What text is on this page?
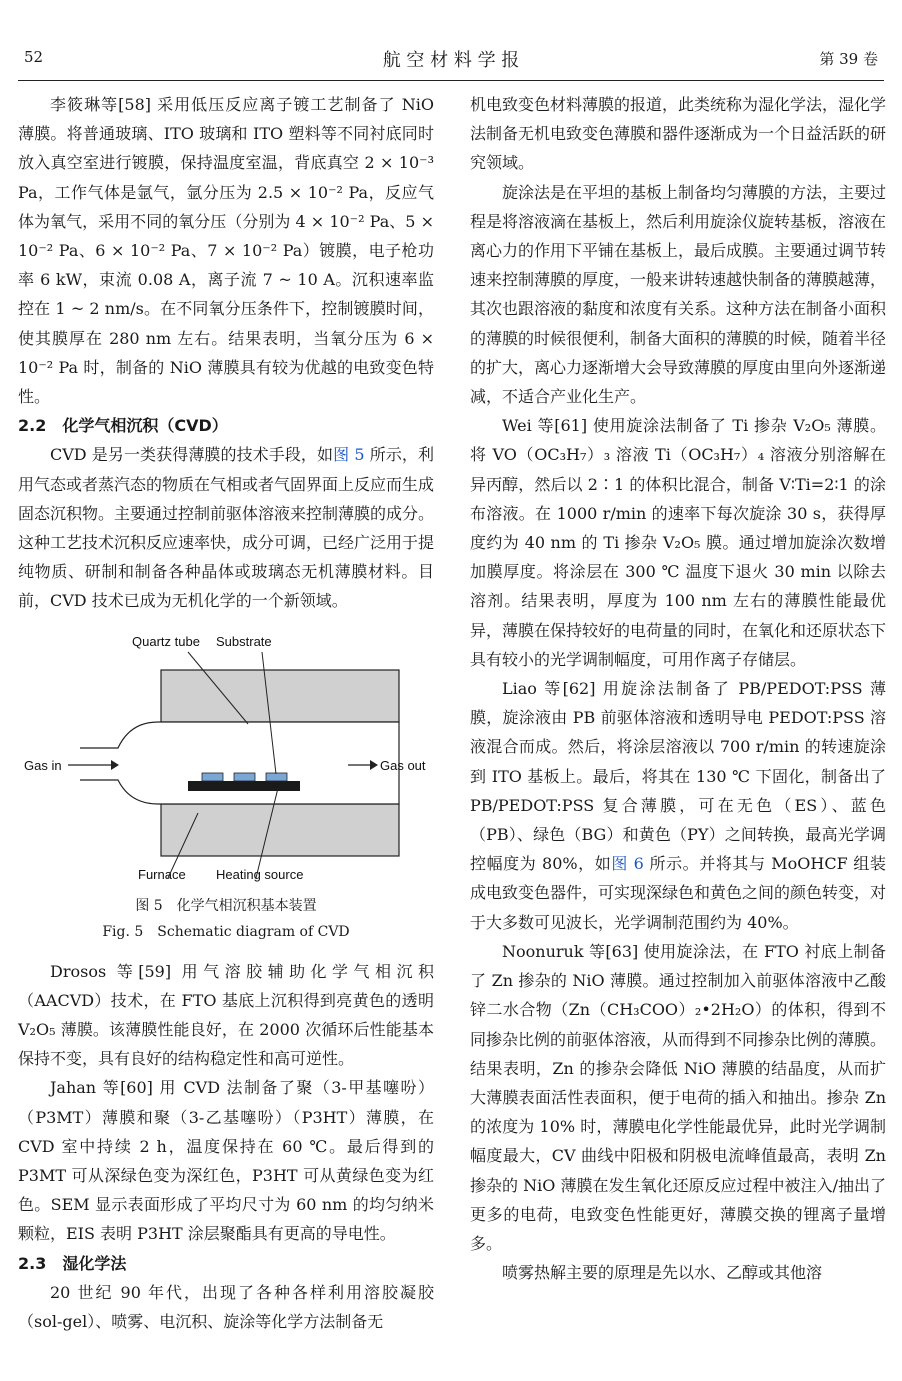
52	航 空 材 料 学 报	第 39 卷

李筱琳等[58] 采用低压反应离子镀工艺制备了 NiO 薄膜。将普通玻璃、ITO 玻璃和 ITO 塑料等不同衬底同时放入真空室进行镀膜，保持温度室温，背底真空 2 × 10⁻³ Pa，工作气体是氩气，氩分压为 2.5 × 10⁻² Pa，反应气体为氧气，采用不同的氧分压（分别为 4 × 10⁻² Pa、5 × 10⁻² Pa、6 × 10⁻² Pa、7 × 10⁻² Pa）镀膜，电子枪功率 6 kW，束流 0.08 A，离子流 7 ~ 10 A。沉积速率监控在 1 ~ 2 nm/s。在不同氧分压条件下，控制镀膜时间，使其膜厚在 280 nm 左右。结果表明，当氧分压为 6 × 10⁻² Pa 时，制备的 NiO 薄膜具有较为优越的电致变色特性。

2.2　化学气相沉积（CVD）

CVD 是另一类获得薄膜的技术手段，如图 5 所示，利用气态或者蒸汽态的物质在气相或者气固界面上反应而生成固态沉积物。主要通过控制前驱体溶液来控制薄膜的成分。这种工艺技术沉积反应速率快，成分可调，已经广泛用于提纯物质、研制和制备各种晶体或玻璃态无机薄膜材料。目前，CVD 技术已成为无机化学的一个新领域。

Quartz tube Substrate
Gas in	Gas out
Furnace Heating source

图 5　化学气相沉积基本装置

Fig. 5　Schematic diagram of CVD

Drosos 等[59] 用气溶胶辅助化学气相沉积（AACVD）技术，在 FTO 基底上沉积得到亮黄色的透明 V₂O₅ 薄膜。该薄膜性能良好，在 2000 次循环后性能基本保持不变，具有良好的结构稳定性和高可逆性。

Jahan 等[60] 用 CVD 法制备了聚（3-甲基噻吩）（P3MT）薄膜和聚（3-乙基噻吩）（P3HT）薄膜，在 CVD 室中持续 2 h，温度保持在 60 ℃。最后得到的 P3MT 可从深绿色变为深红色，P3HT 可从黄绿色变为红色。SEM 显示表面形成了平均尺寸为 60 nm 的均匀纳米颗粒，EIS 表明 P3HT 涂层聚酯具有更高的导电性。

2.3　湿化学法

20 世纪 90 年代，出现了各种各样利用溶胶凝胶（sol-gel）、喷雾、电沉积、旋涂等化学方法制备无

机电致变色材料薄膜的报道，此类统称为湿化学法，湿化学法制备无机电致变色薄膜和器件逐渐成为一个日益活跃的研究领域。

旋涂法是在平坦的基板上制备均匀薄膜的方法，主要过程是将溶液滴在基板上，然后利用旋涂仪旋转基板，溶液在离心力的作用下平铺在基板上，最后成膜。主要通过调节转速来控制薄膜的厚度，一般来讲转速越快制备的薄膜越薄，其次也跟溶液的黏度和浓度有关系。这种方法在制备小面积的薄膜的时候很便利，制备大面积的薄膜的时候，随着半径的扩大，离心力逐渐增大会导致薄膜的厚度由里向外逐渐递减，不适合产业化生产。

Wei 等[61] 使用旋涂法制备了 Ti 掺杂 V₂O₅ 薄膜。将 VO（OC₃H₇）₃ 溶液 Ti（OC₃H₇）₄ 溶液分别溶解在异丙醇，然后以 2∶1 的体积比混合，制备 V∶Ti=2∶1 的涂布溶液。在 1000 r/min 的速率下每次旋涂 30 s，获得厚度约为 40 nm 的 Ti 掺杂 V₂O₅ 膜。通过增加旋涂次数增加膜厚度。将涂层在 300 ℃ 温度下退火 30 min 以除去溶剂。结果表明，厚度为 100 nm 左右的薄膜性能最优异，薄膜在保持较好的电荷量的同时，在氧化和还原状态下具有较小的光学调制幅度，可用作离子存储层。

Liao 等[62] 用旋涂法制备了 PB/PEDOT:PSS 薄膜，旋涂液由 PB 前驱体溶液和透明导电 PEDOT:PSS 溶液混合而成。然后，将涂层溶液以 700 r/min 的转速旋涂到 ITO 基板上。最后，将其在 130 ℃ 下固化，制备出了 PB/PEDOT:PSS 复合薄膜，可在无色（ES）、蓝色（PB）、绿色（BG）和黄色（PY）之间转换，最高光学调控幅度为 80%，如图 6 所示。并将其与 MoOHCF 组装成电致变色器件，可实现深绿色和黄色之间的颜色转变，对于大多数可见波长，光学调制范围约为 40%。

Noonuruk 等[63] 使用旋涂法，在 FTO 衬底上制备了 Zn 掺杂的 NiO 薄膜。通过控制加入前驱体溶液中乙酸锌二水合物（Zn（CH₃COO）₂•2H₂O）的体积，得到不同掺杂比例的前驱体溶液，从而得到不同掺杂比例的薄膜。结果表明，Zn 的掺杂会降低 NiO 薄膜的结晶度，从而扩大薄膜表面活性表面积，便于电荷的插入和抽出。掺杂 Zn 的浓度为 10% 时，薄膜电化学性能最优异，此时光学调制幅度最大，CV 曲线中阳极和阴极电流峰值最高，表明 Zn 掺杂的 NiO 薄膜在发生氧化还原反应过程中被注入/抽出了更多的电荷，电致变色性能更好，薄膜交换的锂离子量增多。

喷雾热解主要的原理是先以水、乙醇或其他溶
